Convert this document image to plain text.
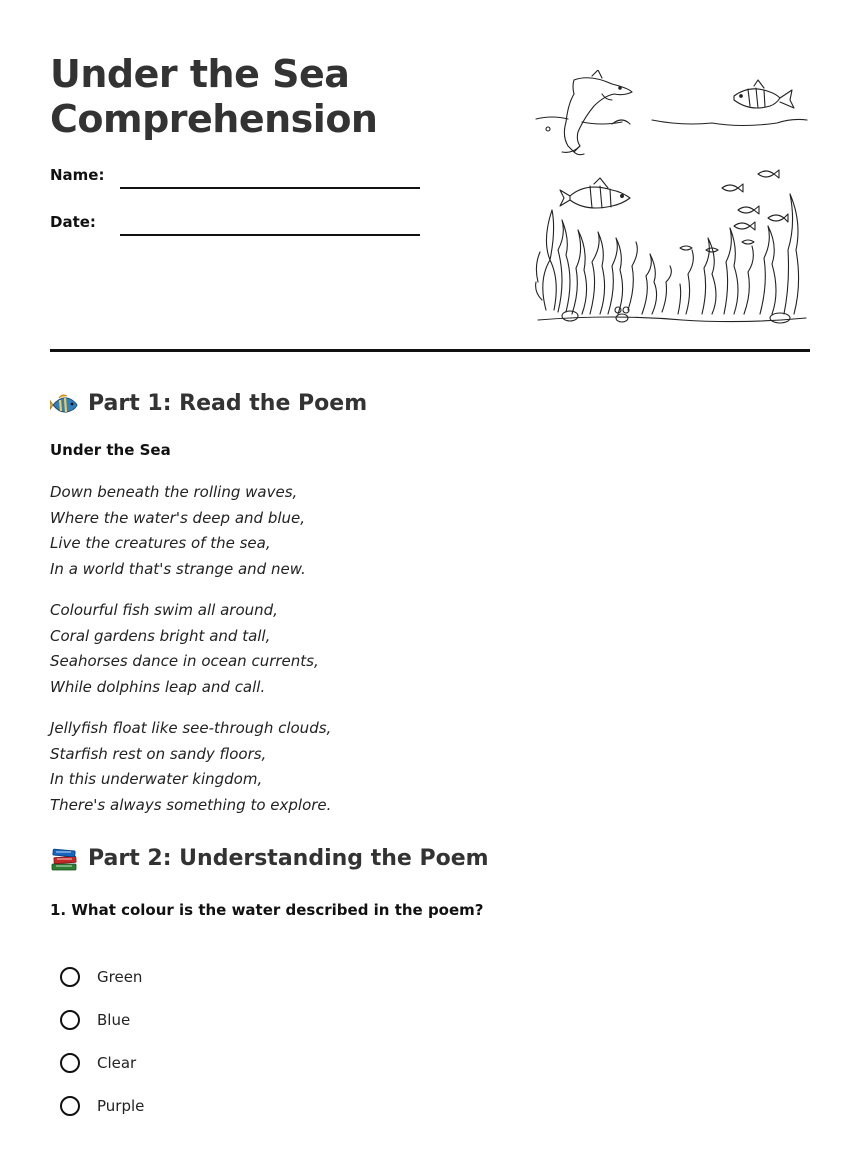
Under the Sea
Comprehension
Name:
Date:
Part 1: Read the Poem
Under the Sea
Down beneath the rolling waves,
Where the water's deep and blue,
Live the creatures of the sea,
In a world that's strange and new.
Colourful fish swim all around,
Coral gardens bright and tall,
Seahorses dance in ocean currents,
While dolphins leap and call.
Jellyfish float like see-through clouds,
Starfish rest on sandy floors,
In this underwater kingdom,
There's always something to explore.
Part 2: Understanding the Poem
1. What colour is the water described in the poem?
Green
Blue
Clear
Purple
